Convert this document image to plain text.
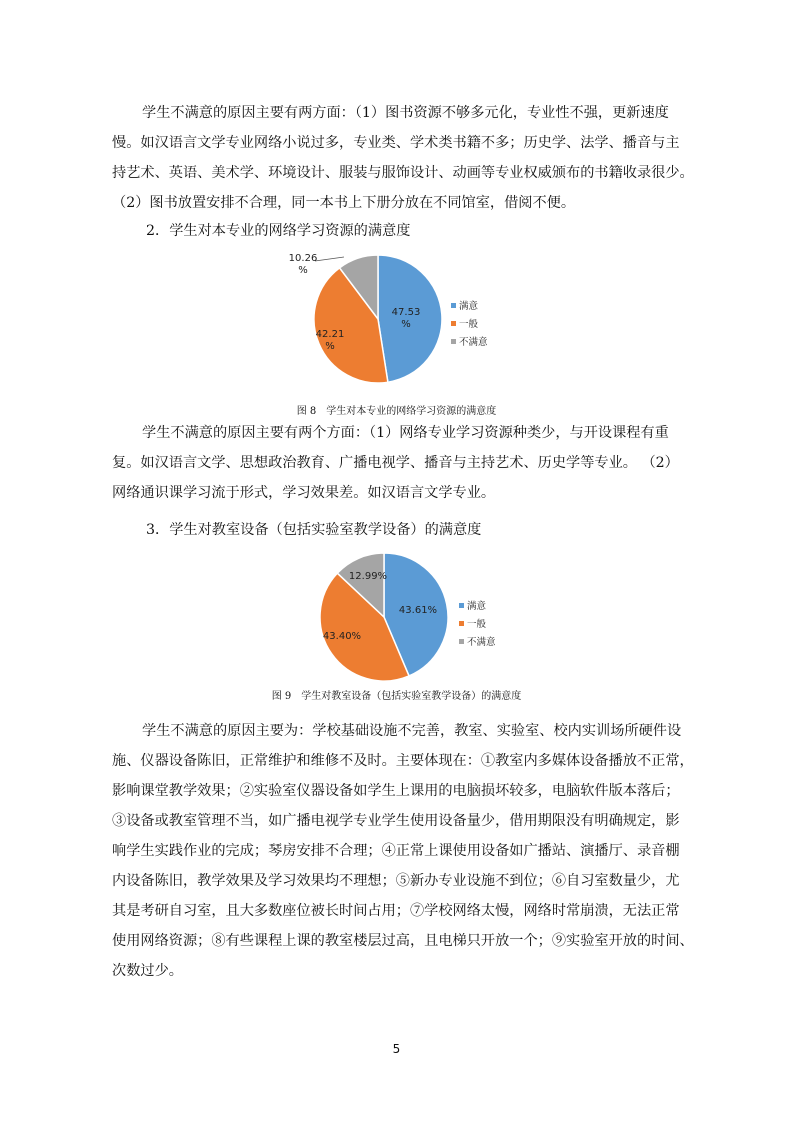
学生不满意的原因主要有两方面：（1）图书资源不够多元化，专业性不强，更新速度
慢。如汉语言文学专业网络小说过多，专业类、学术类书籍不多；历史学、法学、播音与主
持艺术、英语、美术学、环境设计、服装与服饰设计、动画等专业权威颁布的书籍收录很少。
（2）图书放置安排不合理，同一本书上下册分放在不同馆室，借阅不便。
2．学生对本专业的网络学习资源的满意度
47.53 %
42.21 %
10.26 %
满意
一般
不满意
图 8　学生对本专业的网络学习资源的满意度
学生不满意的原因主要有两个方面：（1）网络专业学习资源种类少，与开设课程有重
复。如汉语言文学、思想政治教育、广播电视学、播音与主持艺术、历史学等专业。 （2）
网络通识课学习流于形式，学习效果差。如汉语言文学专业。
3．学生对教室设备（包括实验室教学设备）的满意度
43.61%
43.40%
12.99%
满意
一般
不满意
图 9　学生对教室设备（包括实验室教学设备）的满意度
学生不满意的原因主要为：学校基础设施不完善，教室、实验室、校内实训场所硬件设
施、仪器设备陈旧，正常维护和维修不及时。主要体现在：①教室内多媒体设备播放不正常，
影响课堂教学效果；②实验室仪器设备如学生上课用的电脑损坏较多，电脑软件版本落后；
③设备或教室管理不当，如广播电视学专业学生使用设备量少，借用期限没有明确规定，影
响学生实践作业的完成；琴房安排不合理；④正常上课使用设备如广播站、演播厅、录音棚
内设备陈旧，教学效果及学习效果均不理想；⑤新办专业设施不到位；⑥自习室数量少，尤
其是考研自习室，且大多数座位被长时间占用；⑦学校网络太慢，网络时常崩溃，无法正常
使用网络资源；⑧有些课程上课的教室楼层过高，且电梯只开放一个；⑨实验室开放的时间、
次数过少。
5
